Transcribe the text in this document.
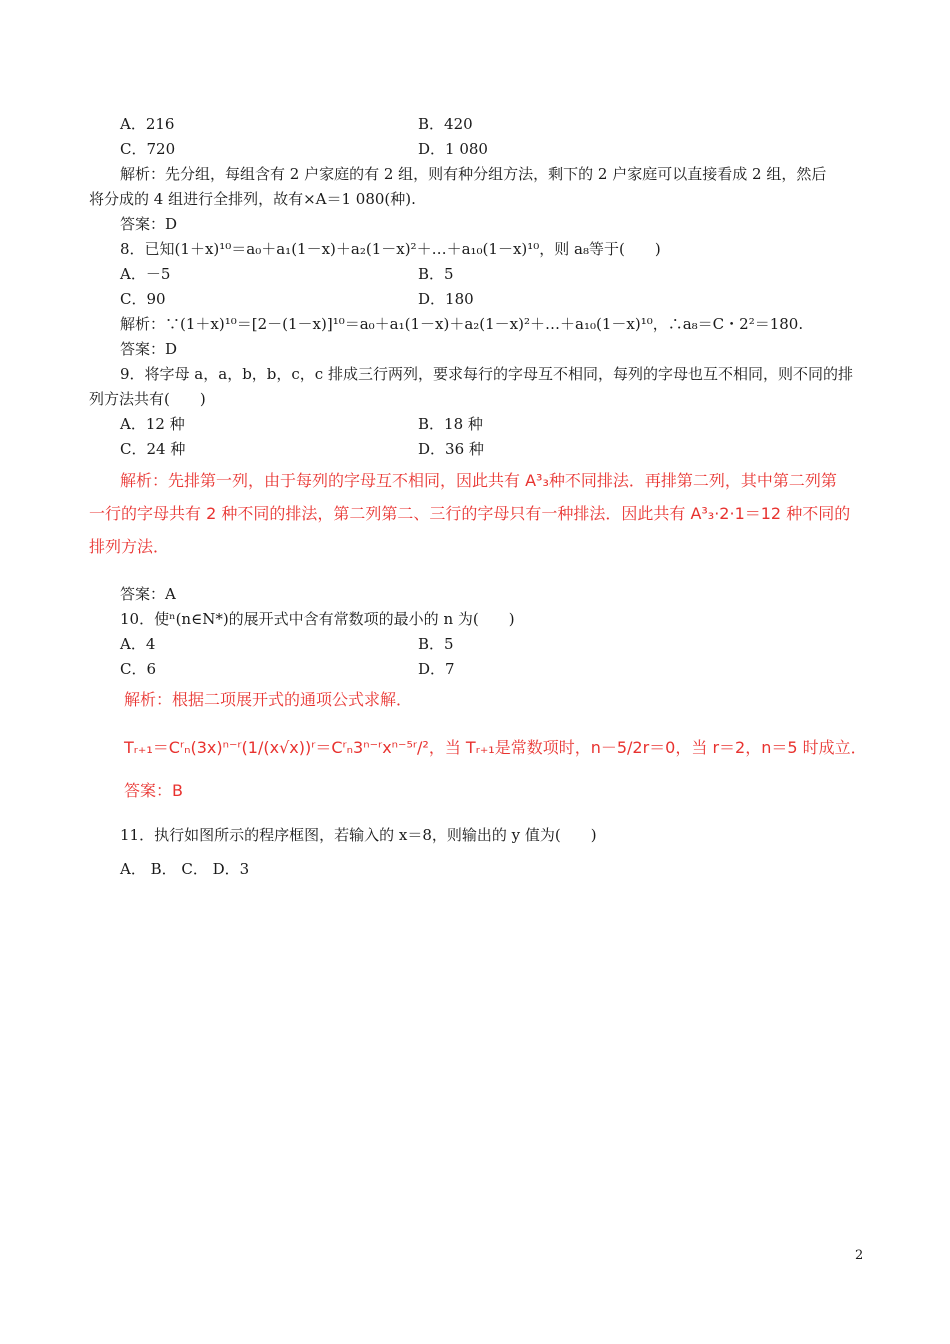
A．216	B．420
C．720	D．1 080
解析：先分组，每组含有 2 户家庭的有 2 组，则有种分组方法，剩下的 2 户家庭可以直接看成 2 组，然后
将分成的 4 组进行全排列，故有×A＝1 080(种).
答案：D
8．已知(1＋x)¹⁰＝a₀＋a₁(1－x)＋a₂(1－x)²＋…＋a₁₀(1－x)¹⁰，则 a₈等于(　　)
A．－5	B．5
C．90	D．180
解析：∵(1＋x)¹⁰＝[2－(1－x)]¹⁰＝a₀＋a₁(1－x)＋a₂(1－x)²＋…＋a₁₀(1－x)¹⁰，∴a₈＝C・2²＝180.
答案：D
9．将字母 a，a，b，b，c，c 排成三行两列，要求每行的字母互不相同，每列的字母也互不相同，则不同的排
列方法共有(　　)
A．12 种	B．18 种
C．24 种	D．36 种
解析：先排第一列，由于每列的字母互不相同，因此共有 A³₃种不同排法．再排第二列，其中第二列第
一行的字母共有 2 种不同的排法，第二列第二、三行的字母只有一种排法．因此共有 A³₃·2·1＝12 种不同的
排列方法．
答案：A
10．使ⁿ(n∈N*)的展开式中含有常数项的最小的 n 为(　　)
A．4	B．5
C．6	D．7
解析：根据二项展开式的通项公式求解．
Tᵣ₊₁＝Cʳₙ(3x)ⁿ⁻ʳ(1/(x√x))ʳ＝Cʳₙ3ⁿ⁻ʳxⁿ⁻⁵ʳ/²，当 Tᵣ₊₁是常数项时，n－5/2r＝0，当 r＝2，n＝5 时成立．
答案：B
11．执行如图所示的程序框图，若输入的 x＝8，则输出的 y 值为(　　)
A． B． C． D．3
2
